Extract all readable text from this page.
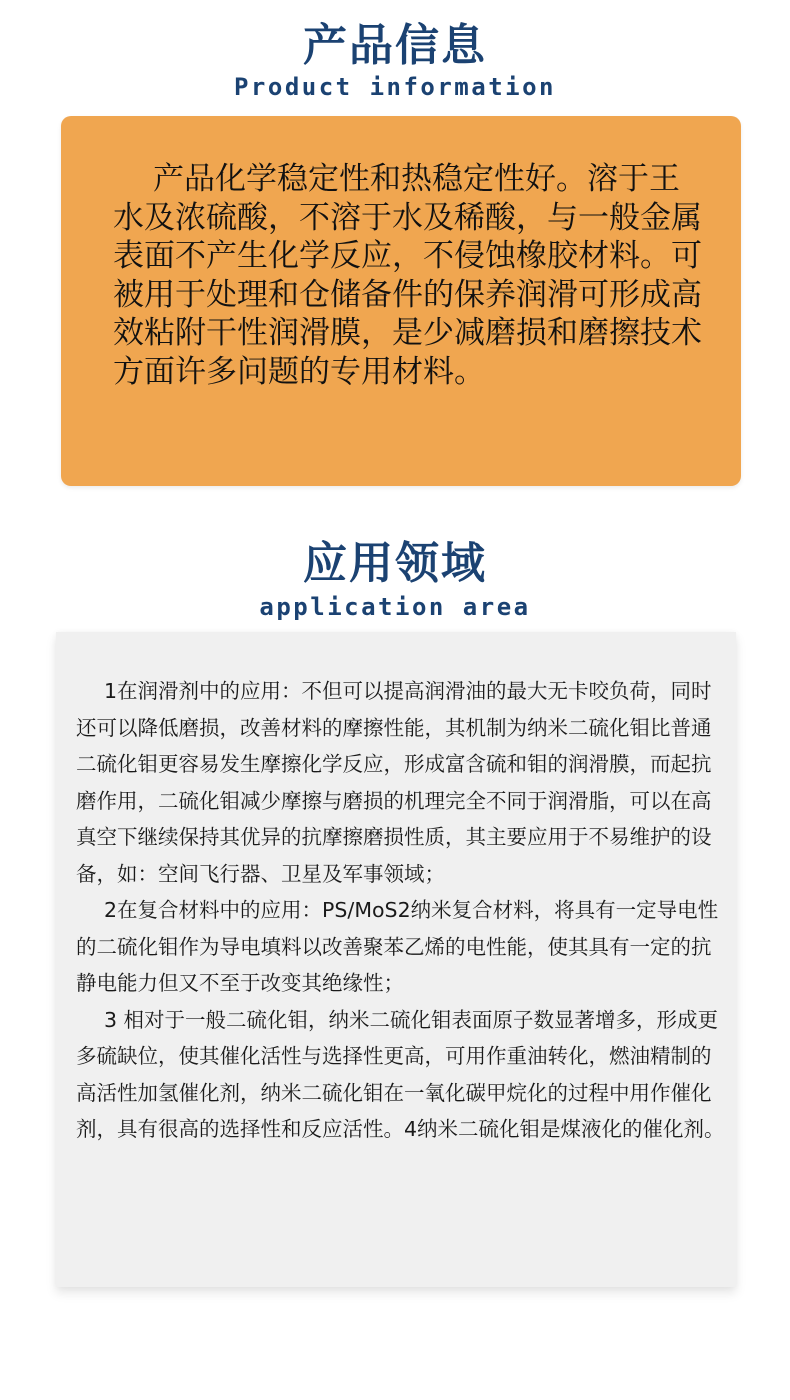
产品信息
Product information

产品化学稳定性和热稳定性好。溶于王水及浓硫酸，不溶于水及稀酸，与一般金属表面不产生化学反应，不侵蚀橡胶材料。可被用于处理和仓储备件的保养润滑可形成高效粘附干性润滑膜，是少减磨损和磨擦技术方面许多问题的专用材料。

应用领域
application area

1在润滑剂中的应用：不但可以提高润滑油的最大无卡咬负荷，同时还可以降低磨损，改善材料的摩擦性能，其机制为纳米二硫化钼比普通二硫化钼更容易发生摩擦化学反应，形成富含硫和钼的润滑膜，而起抗磨作用，二硫化钼减少摩擦与磨损的机理完全不同于润滑脂，可以在高真空下继续保持其优异的抗摩擦磨损性质，其主要应用于不易维护的设备，如：空间飞行器、卫星及军事领域；

2在复合材料中的应用：PS/MoS2纳米复合材料，将具有一定导电性的二硫化钼作为导电填料以改善聚苯乙烯的电性能，使其具有一定的抗静电能力但又不至于改变其绝缘性；

3 相对于一般二硫化钼，纳米二硫化钼表面原子数显著增多，形成更多硫缺位，使其催化活性与选择性更高，可用作重油转化，燃油精制的高活性加氢催化剂，纳米二硫化钼在一氧化碳甲烷化的过程中用作催化剂，具有很高的选择性和反应活性。4纳米二硫化钼是煤液化的催化剂。
